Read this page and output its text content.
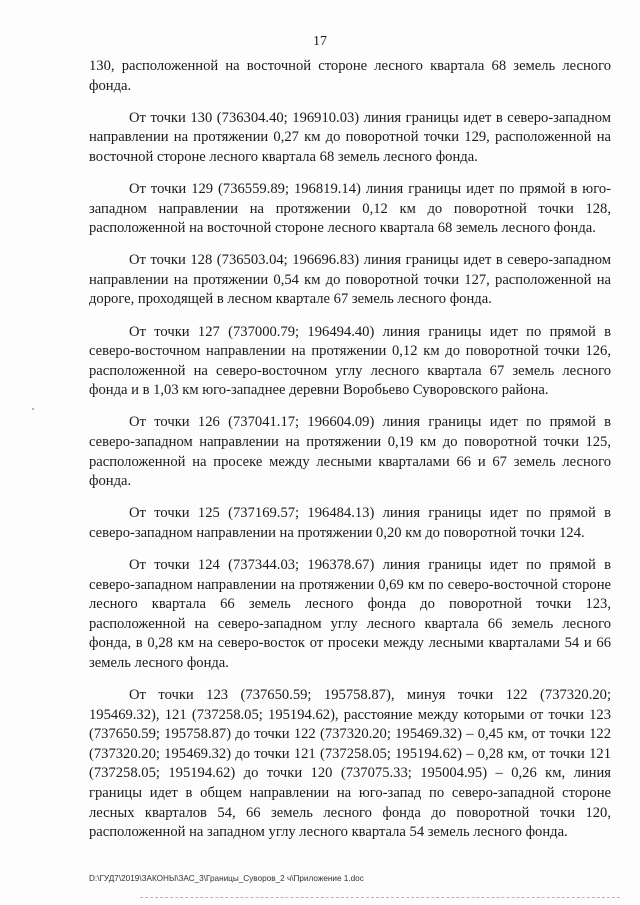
17

130, расположенной на восточной стороне лесного квартала 68 земель лесного фонда.

От точки 130 (736304.40; 196910.03) линия границы идет в северо-западном направлении на протяжении 0,27 км до поворотной точки 129, расположенной на восточной стороне лесного квартала 68 земель лесного фонда.

От точки 129 (736559.89; 196819.14) линия границы идет по прямой в юго-западном направлении на протяжении 0,12 км до поворотной точки 128, расположенной на восточной стороне лесного квартала 68 земель лесного фонда.

От точки 128 (736503.04; 196696.83) линия границы идет в северо-западном направлении на протяжении 0,54 км до поворотной точки 127, расположенной на дороге, проходящей в лесном квартале 67 земель лесного фонда.

От точки 127 (737000.79; 196494.40) линия границы идет по прямой в северо-восточном направлении на протяжении 0,12 км до поворотной точки 126, расположенной на северо-восточном углу лесного квартала 67 земель лесного фонда и в 1,03 км юго-западнее деревни Воробьево Суворовского района.

От точки 126 (737041.17; 196604.09) линия границы идет по прямой в северо-западном направлении на протяжении 0,19 км до поворотной точки 125, расположенной на просеке между лесными кварталами 66 и 67 земель лесного фонда.

От точки 125 (737169.57; 196484.13) линия границы идет по прямой в северо-западном направлении на протяжении 0,20 км до поворотной точки 124.

От точки 124 (737344.03; 196378.67) линия границы идет по прямой в северо-западном направлении на протяжении 0,69 км по северо-восточной стороне лесного квартала 66 земель лесного фонда до поворотной точки 123, расположенной на северо-западном углу лесного квартала 66 земель лесного фонда, в 0,28 км на северо-восток от просеки между лесными кварталами 54 и 66 земель лесного фонда.

От точки 123 (737650.59; 195758.87), минуя точки 122 (737320.20; 195469.32), 121 (737258.05; 195194.62), расстояние между которыми от точки 123 (737650.59; 195758.87) до точки 122 (737320.20; 195469.32) – 0,45 км, от точки 122 (737320.20; 195469.32) до точки 121 (737258.05; 195194.62) – 0,28 км, от точки 121 (737258.05; 195194.62) до точки 120 (737075.33; 195004.95) – 0,26 км, линия границы идет в общем направлении на юго-запад по северо-западной стороне лесных кварталов 54, 66 земель лесного фонда до поворотной точки 120, расположенной на западном углу лесного квартала 54 земель лесного фонда.

D:\ГУД7\2019\ЗАКОНЫ\ЗАС_3\Границы_Суворов_2 ч\Приложение 1.doc
